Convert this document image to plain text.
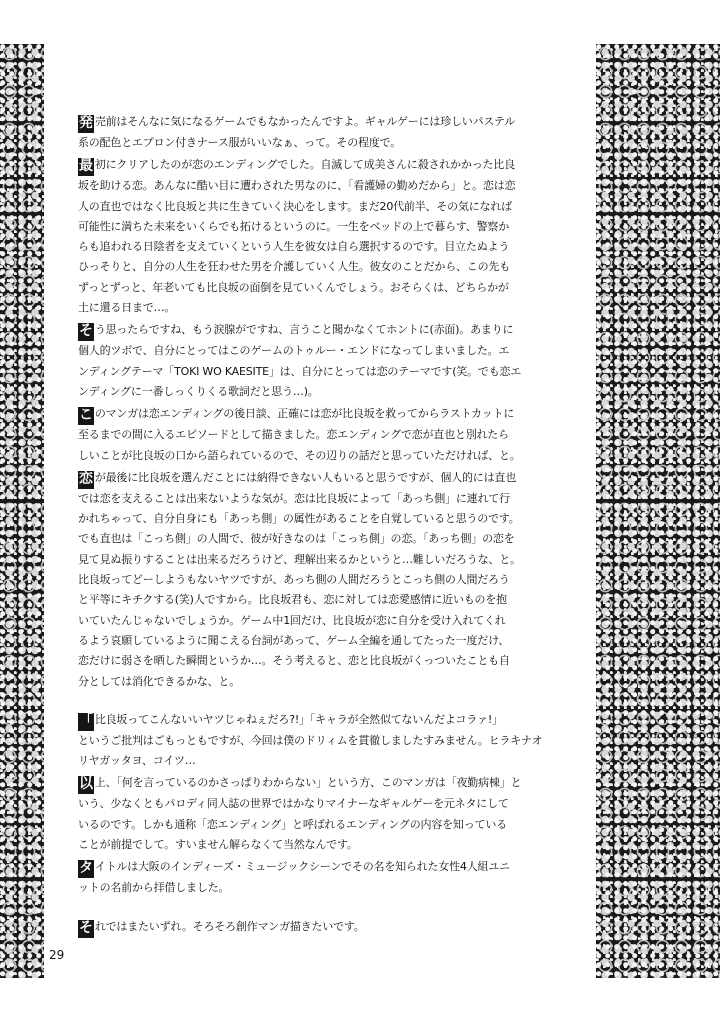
発 売前はそんなに気になるゲームでもなかったんですよ。ギャルゲーには珍しいパステル

系の配色とエプロン付きナース服がいいなぁ、って。その程度で。

最 初にクリアしたのが恋のエンディングでした。自滅して成美さんに殺されかかった比良

坂を助ける恋。あんなに酷い目に遭わされた男なのに、「看護婦の勤めだから」と。恋は恋

人の直也ではなく比良坂と共に生きていく決心をします。まだ20代前半、その気になれば

可能性に満ちた未来をいくらでも拓けるというのに。一生をベッドの上で暮らす、警察か

らも追われる日陰者を支えていくという人生を彼女は自ら選択するのです。目立たぬよう

ひっそりと、自分の人生を狂わせた男を介護していく人生。彼女のことだから、この先も

ずっとずっと、年老いても比良坂の面倒を見ていくんでしょう。おそらくは、どちらかが

土に還る日まで…。

そ う思ったらですね、もう涙腺がですね、言うこと聞かなくてホントに(赤面)。あまりに

個人的ツボで、自分にとってはこのゲームのトゥルー・エンドになってしまいました。エ

ンディングテーマ「TOKI WO KAESITE」は、自分にとっては恋のテーマです(笑。でも恋エ

ンディングに一番しっくりくる歌詞だと思う…)。

こ のマンガは恋エンディングの後日談、正確には恋が比良坂を救ってからラストカットに

至るまでの間に入るエピソードとして描きました。恋エンディングで恋が直也と別れたら

しいことが比良坂の口から語られているので、その辺りの話だと思っていただければ、と。

恋 が最後に比良坂を選んだことには納得できない人もいると思うですが、個人的には直也

では恋を支えることは出来ないような気が。恋は比良坂によって「あっち側」に連れて行

かれちゃって、自分自身にも「あっち側」の属性があることを自覚していると思うのです。

でも直也は「こっち側」の人間で、彼が好きなのは「こっち側」の恋。「あっち側」の恋を

見て見ぬ振りすることは出来るだろうけど、理解出来るかというと…難しいだろうな、と。

比良坂ってどーしようもないヤツですが、あっち側の人間だろうとこっち側の人間だろう

と平等にキチクする(笑)人ですから。比良坂君も、恋に対しては恋愛感情に近いものを抱

いていたんじゃないでしょうか。ゲーム中1回だけ、比良坂が恋に自分を受け入れてくれ

るよう哀願しているように聞こえる台詞があって、ゲーム全編を通してたった一度だけ、

恋だけに弱さを晒した瞬間というか…。そう考えると、恋と比良坂がくっついたことも自

分としては消化できるかな、と。

「 比良坂ってこんないいヤツじゃねぇだろ?!」「キャラが全然似てないんだよコラァ!」

というご批判はごもっともですが、今回は僕のドリィムを貫徹しましたすみません。ヒラキナオ

リヤガッタヨ、コイツ…

以 上、「何を言っているのかさっぱりわからない」という方、このマンガは「夜勤病棟」と

いう、少なくともパロディ同人誌の世界ではかなりマイナーなギャルゲーを元ネタにして

いるのです。しかも通称「恋エンディング」と呼ばれるエンディングの内容を知っている

ことが前提でして。すいません解らなくて当然なんです。

タ イトルは大阪のインディーズ・ミュージックシーンでその名を知られた女性4人組ユニ

ットの名前から拝借しました。

そ れではまたいずれ。そろそろ創作マンガ描きたいです。

29
